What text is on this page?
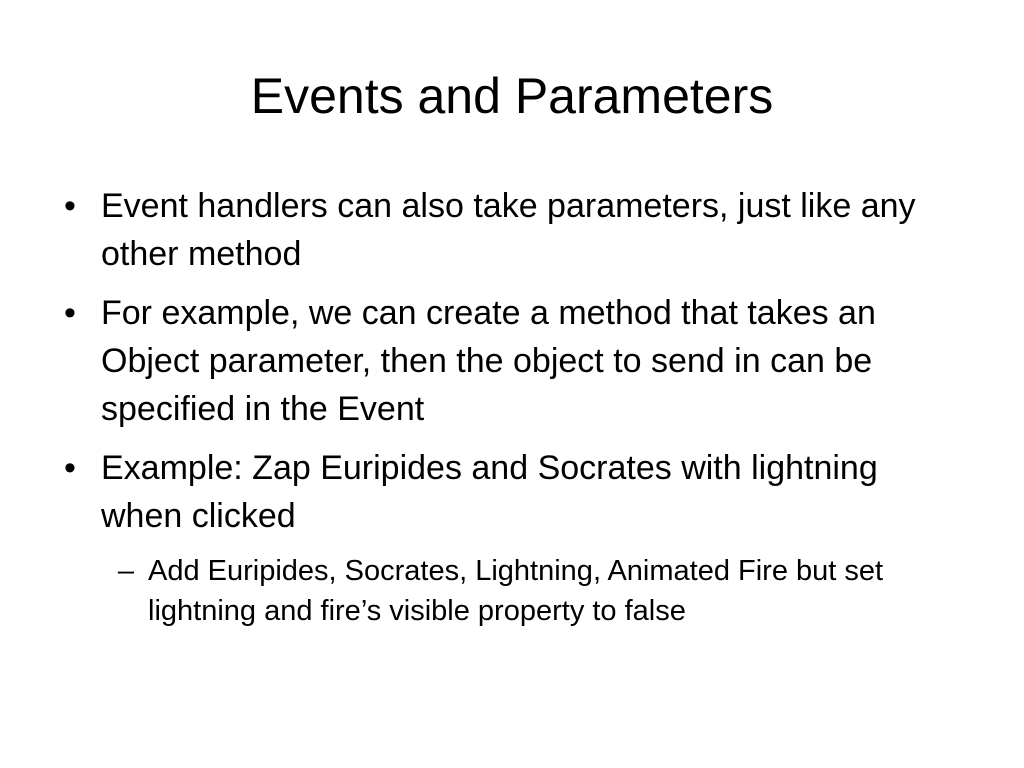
Events and Parameters
• Event handlers can also take parameters, just like any other method
• For example, we can create a method that takes an Object parameter, then the object to send in can be specified in the Event
• Example: Zap Euripides and Socrates with lightning when clicked
– Add Euripides, Socrates, Lightning, Animated Fire but set lightning and fire’s visible property to false
